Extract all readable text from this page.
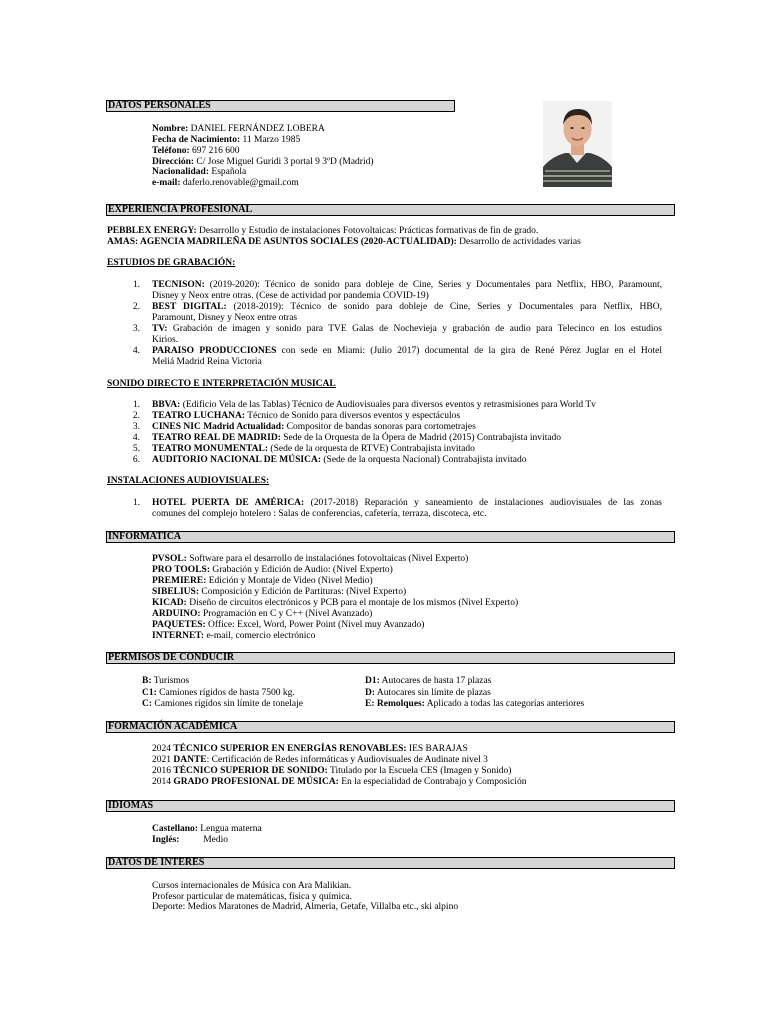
DATOS PERSONALES
Nombre: DANIEL FERNÁNDEZ LOBERA
Fecha de Nacimiento: 11 Marzo 1985
Teléfono: 697 216 600
Dirección: C/ Jose Miguel Guridi 3 portal 9 3ºD (Madrid)
Nacionalidad: Española
e-mail: daferlo.renovable@gmail.com
EXPERIENCIA PROFESIONAL
PEBBLEX ENERGY: Desarrollo y Estudio de instalaciones Fotovoltaicas: Prácticas formativas de fin de grado.
AMAS: AGENCIA MADRILEÑA DE ASUNTOS SOCIALES (2020-ACTUALIDAD): Desarrollo de actividades varias
ESTUDIOS DE GRABACIÓN:
1. TECNISON: (2019-2020): Técnico de sonido para dobleje de Cine, Series y Documentales para Netflix, HBO, Paramount,
Disney y Neox entre otras. (Cese de actividad por pandemia COVID-19)
2. BEST DIGITAL: (2018-2019): Técnico de sonido para dobleje de Cine, Series y Documentales para Netflix, HBO,
Paramount, Disney y Neox entre otras
3. TV: Grabación de imagen y sonido para TVE Galas de Nochevieja y grabación de audio para Telecinco en los estudios
Kirios.
4. PARAISO PRODUCCIONES con sede en Miami: (Julio 2017) documental de la gira de René Pérez Juglar en el Hotel
Meliá Madrid Reina Victoria
SONIDO DIRECTO E INTERPRETACIÓN MUSICAL
1. BBVA: (Edificio Vela de las Tablas) Técnico de Audiovisuales para diversos eventos y retrasmisiones para World Tv
2. TEATRO LUCHANA: Técnico de Sonido para diversos eventos y espectáculos
3. CINES NIC Madrid Actualidad: Compositor de bandas sonoras para cortometrajes
4. TEATRO REAL DE MADRID: Sede de la Orquesta de la Ópera de Madrid (2015) Contrabajista invitado
5. TEATRO MONUMENTAL: (Sede de la orquesta de RTVE) Contrabajista invitado
6. AUDITORIO NACIONAL DE MÚSICA: (Sede de la orquesta Nacional) Contrabajista invitado
INSTALACIONES AUDIOVISUALES:
1. HOTEL PUERTA DE AMÉRICA: (2017-2018) Reparación y saneamiento de instalaciones audiovisuales de las zonas
comunes del complejo hotelero : Salas de conferencias, cafetería, terraza, discoteca, etc.
INFORMATICA
PVSOL: Software para el desarrollo de instalaciónes fotovoltaicas (Nivel Experto)
PRO TOOLS: Grabación y Edición de Audio: (Nivel Experto)
PREMIERE: Edición y Montaje de Video (Nivel Medio)
SIBELIUS: Composición y Edición de Partituras: (Nivel Experto)
KICAD: Diseño de circuitos electrónicos y PCB para el montaje de los mismos (Nivel Experto)
ARDUINO: Programación en C y C++ (Nivel Avanzado)
PAQUETES: Office: Excel, Word, Power Point (Nivel muy Avanzado)
INTERNET: e-mail, comercio electrónico
PERMISOS DE CONDUCIR
B: Turismos
C1: Camiones rígidos de hasta 7500 kg.
C: Camiones rígidos sin límite de tonelaje
D1: Autocares de hasta 17 plazas
D: Autocares sin límite de plazas
E: Remolques: Aplicado a todas las categorías anteriores
FORMACIÓN ACADÉMICA
2024 TÉCNICO SUPERIOR EN ENERGÍAS RENOVABLES: IES BARAJAS
2021 DANTE: Certificación de Redes informáticas y Audiovisuales de Audinate nivel 3
2016 TÉCNICO SUPERIOR DE SONIDO: Titulado por la Escuela CES (Imagen y Sonido)
2014 GRADO PROFESIONAL DE MÚSICA: En la especialidad de Contrabajo y Composición
IDIOMAS
Castellano: Lengua materna
Inglés:          Medio
DATOS DE INTERES
Cursos internacionales de Música con Ara Malikian.
Profesor particular de matemáticas, física y química.
Deporte: Medios Maratones de Madrid, Almería, Getafe, Villalba etc., ski alpino
